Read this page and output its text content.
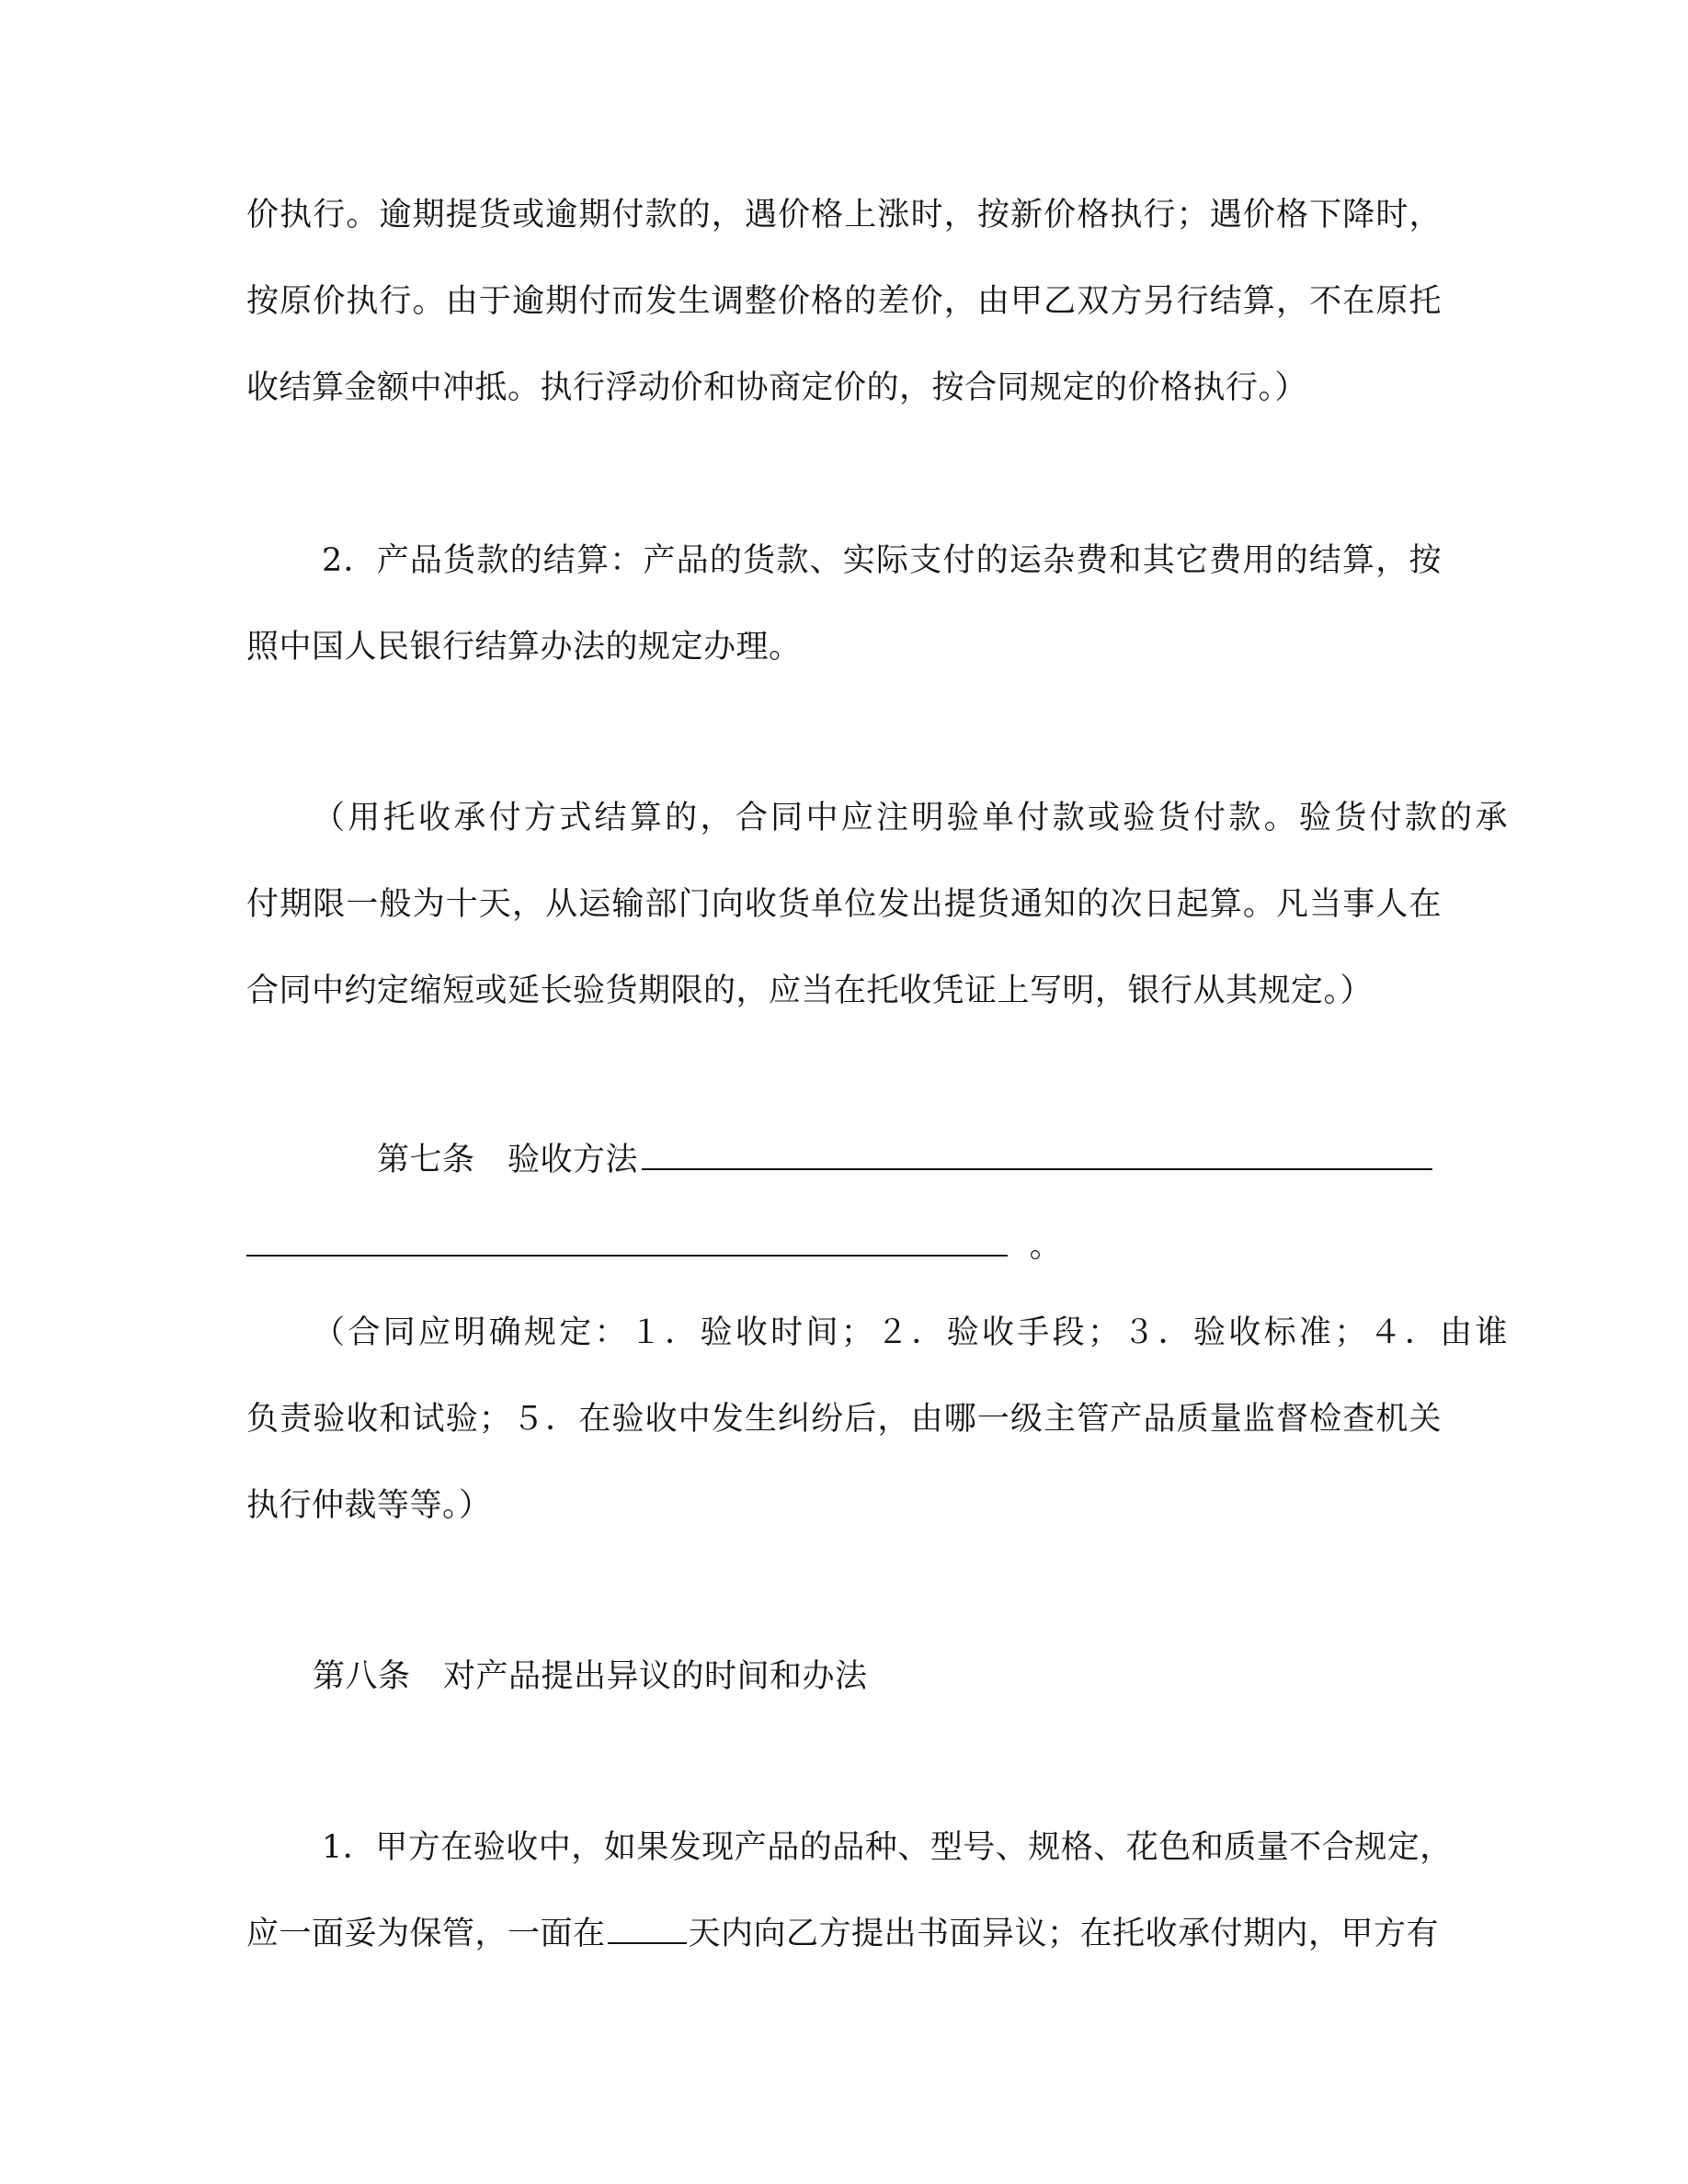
价执行。逾期提货或逾期付款的，遇价格上涨时，按新价格执行；遇价格下降时，
按原价执行。由于逾期付而发生调整价格的差价，由甲乙双方另行结算，不在原托
收结算金额中冲抵。执行浮动价和协商定价的，按合同规定的价格执行。）
2．产品货款的结算：产品的货款、实际支付的运杂费和其它费用的结算，按
照中国人民银行结算办法的规定办理。
（用托收承付方式结算的，合同中应注明验单付款或验货付款。验货付款的承
付期限一般为十天，从运输部门向收货单位发出提货通知的次日起算。凡当事人在
合同中约定缩短或延长验货期限的，应当在托收凭证上写明，银行从其规定。）
第七条　验收方法
。
（合同应明确规定：１．验收时间；２．验收手段；３．验收标准；４．由谁
负责验收和试验；５．在验收中发生纠纷后，由哪一级主管产品质量监督检查机关
执行仲裁等等。）
第八条　对产品提出异议的时间和办法
1．甲方在验收中，如果发现产品的品种、型号、规格、花色和质量不合规定，
应一面妥为保管，一面在	天内向乙方提出书面异议；在托收承付期内，甲方有
